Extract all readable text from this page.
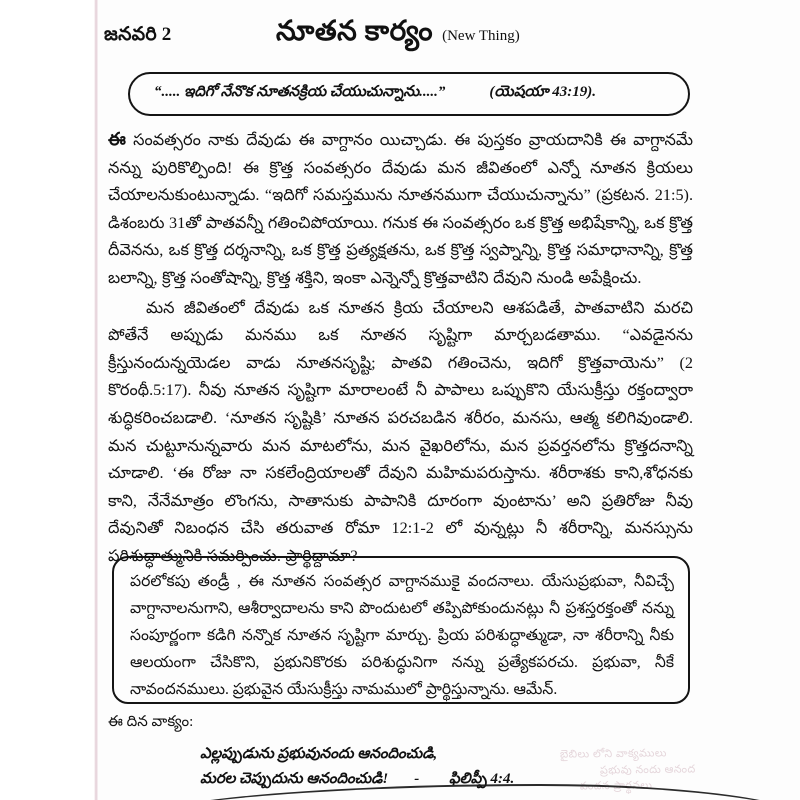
బైబిలు లోని వాక్యములు
ప్రభువు నందు ఆనంద
వందన ప్రార్థనలు
జనవరి 2	నూతన కార్యం (New Thing)
“..... ఇదిగో నేనొక నూతనక్రియ చేయుచున్నాను.....”	(యెషయా 43:19).

ఈ సంవత్సరం నాకు దేవుడు ఈ వాగ్దానం యిచ్చాడు. ఈ పుస్తకం వ్రాయదానికి ఈ వాగ్దానమే నన్ను పురికొల్పింది! ఈ క్రొత్త సంవత్సరం దేవుడు మన జీవితంలో ఎన్నో నూతన క్రియలు చేయాలనుకుంటున్నాడు. “ఇదిగో సమస్తమును నూతనముగా చేయుచున్నాను” (ప్రకటన. 21:5). డిశంబరు 31తో పాతవన్నీ గతించిపోయాయి. గనుక ఈ సంవత్సరం ఒక క్రొత్త అభిషేకాన్ని, ఒక క్రొత్త దీవెనను, ఒక క్రొత్త దర్శనాన్ని, ఒక క్రొత్త ప్రత్యక్షతను, ఒక క్రొత్త స్వప్నాన్ని, క్రొత్త సమాధానాన్ని, క్రొత్త బలాన్ని, క్రొత్త సంతోషాన్ని, క్రొత్త శక్తిని, ఇంకా ఎన్నెన్నో క్రొత్తవాటిని దేవుని నుండి అపేక్షించు.

మన జీవితంలో దేవుడు ఒక నూతన క్రియ చేయాలని ఆశపడితే, పాతవాటిని మరచి పోతేనే అప్పుడు మనము ఒక నూతన సృష్టిగా మార్చబడతాము. “ఎవడైనను క్రీస్తునందున్నయెడల వాడు నూతనసృష్టి; పాతవి గతించెను, ఇదిగో క్రొత్తవాయెను” (2 కొరంథీ.5:17). నీవు నూతన సృష్టిగా మారాలంటే నీ పాపాలు ఒప్పుకొని యేసుక్రీస్తు రక్తంద్వారా శుద్ధికరించబడాలి. ‘నూతన సృష్టికి’ నూతన పరచబడిన శరీరం, మనసు, ఆత్మ కలిగివుండాలి. మన చుట్టూనున్నవారు మన మాటలోను, మన వైఖరిలోను, మన ప్రవర్తనలోను క్రొత్తదనాన్ని చూడాలి. ‘ఈ రోజు నా సకలేంద్రియాలతో దేవుని మహిమపరుస్తాను. శరీరాశకు కాని,శోధనకు కాని, నేనేమాత్రం లొంగను, సాతానుకు పాపానికి దూరంగా వుంటాను’ అని ప్రతిరోజు నీవు దేవునితో నిబంధన చేసి తరువాత రోమా 12:1-2 లో వున్నట్లు నీ శరీరాన్ని, మనస్సును పరిశుద్ధాత్మునికి సమర్పించు. ప్రార్థిద్దామా?

పరలోకపు తండ్రీ , ఈ నూతన సంవత్సర వాగ్దానముకై వందనాలు. యేసుప్రభువా, నీవిచ్చే వాగ్దానాలనుగాని, ఆశీర్వాదాలను కాని పొందుటలో తప్పిపోకుందునట్లు నీ ప్రశస్తరక్తంతో నన్ను సంపూర్ణంగా కడిగి నన్నొక నూతన సృష్టిగా మార్చు. ప్రియ పరిశుద్ధాత్ముడా, నా శరీరాన్ని నీకు ఆలయంగా చేసికొని, ప్రభునికొరకు పరిశుద్ధునిగా నన్ను ప్రత్యేకపరచు. ప్రభువా, నీకే నావందనములు. ప్రభువైన యేసుక్రీస్తు నామములో ప్రార్థిస్తున్నాను. ఆమేన్.

ఈ దిన వాక్యం:
ఎల్లప్పుడును ప్రభువునందు ఆనందించుడి,
మరల చెప్పుదును ఆనందించుడి! - ఫిలిప్పీ 4:4.
